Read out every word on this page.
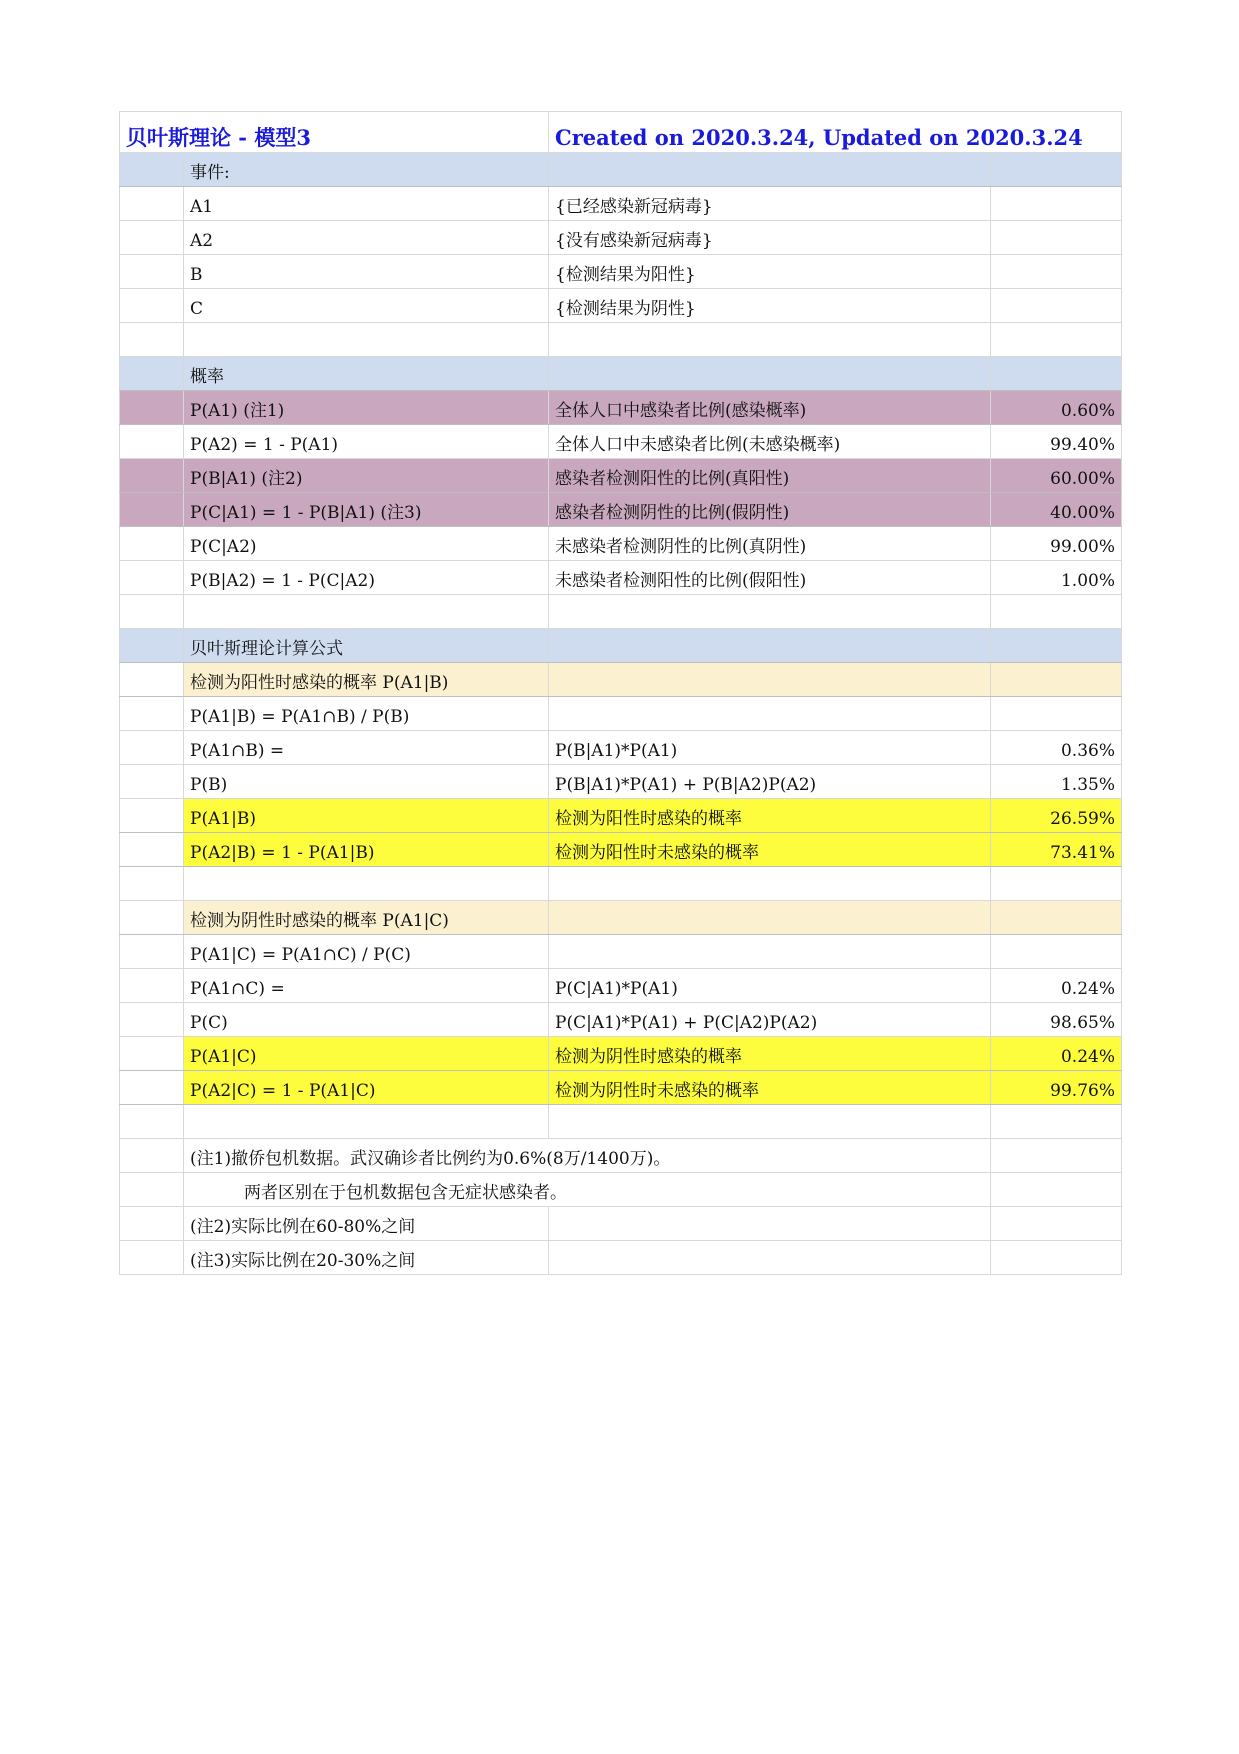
贝叶斯理论 - 模型3	Created on 2020.3.24, Updated on 2020.3.24
事件:
A1	{已经感染新冠病毒}
A2	{没有感染新冠病毒}
B	{检测结果为阳性}
C	{检测结果为阴性}
概率
P(A1) (注1)	全体人口中感染者比例(感染概率)	0.60%
P(A2) = 1 - P(A1)	全体人口中未感染者比例(未感染概率)	99.40%
P(B|A1) (注2)	感染者检测阳性的比例(真阳性)	60.00%
P(C|A1) = 1 - P(B|A1) (注3)	感染者检测阴性的比例(假阴性)	40.00%
P(C|A2)	未感染者检测阴性的比例(真阴性)	99.00%
P(B|A2) = 1 - P(C|A2)	未感染者检测阳性的比例(假阳性)	1.00%
贝叶斯理论计算公式
检测为阳性时感染的概率 P(A1|B)
P(A1|B) = P(A1∩B) / P(B)
P(A1∩B) =	P(B|A1)*P(A1)	0.36%
P(B)	P(B|A1)*P(A1) + P(B|A2)P(A2)	1.35%
P(A1|B)	检测为阳性时感染的概率	26.59%
P(A2|B) = 1 - P(A1|B)	检测为阳性时未感染的概率	73.41%
检测为阴性时感染的概率 P(A1|C)
P(A1|C) = P(A1∩C) / P(C)
P(A1∩C) =	P(C|A1)*P(A1)	0.24%
P(C)	P(C|A1)*P(A1) + P(C|A2)P(A2)	98.65%
P(A1|C)	检测为阴性时感染的概率	0.24%
P(A2|C) = 1 - P(A1|C)	检测为阴性时未感染的概率	99.76%
(注1)撤侨包机数据。武汉确诊者比例约为0.6%(8万/1400万)。
两者区别在于包机数据包含无症状感染者。
(注2)实际比例在60-80%之间
(注3)实际比例在20-30%之间
